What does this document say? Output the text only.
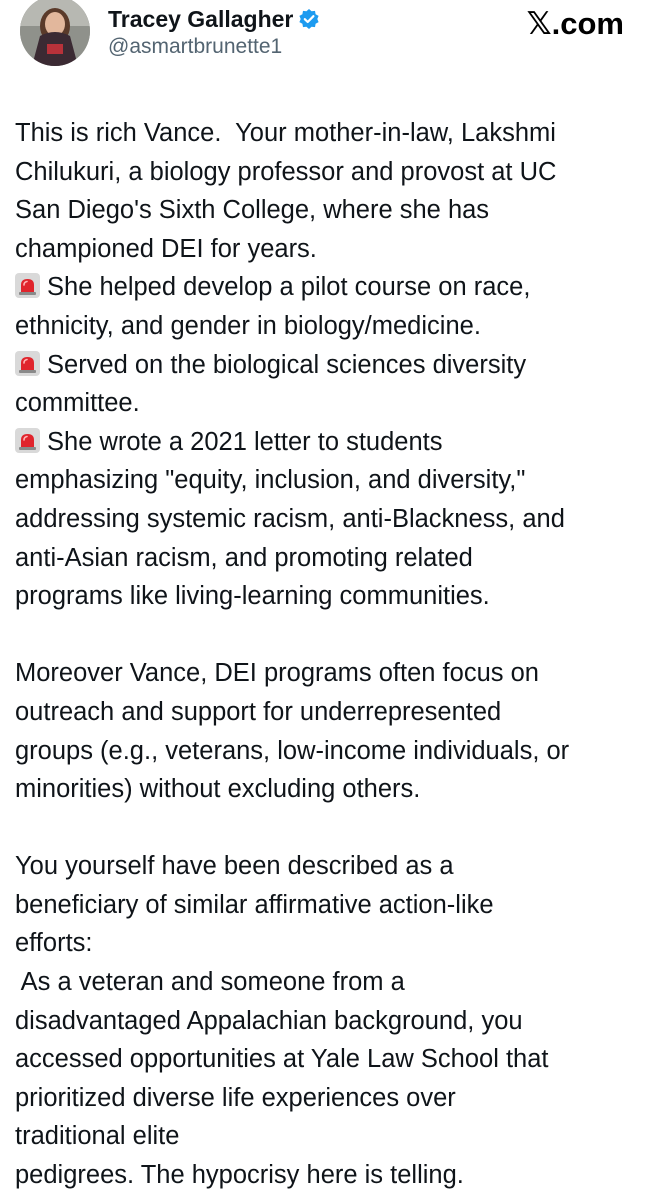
Tracey Gallagher
@asmartbrunette1
𝕏.com
This is rich Vance.  Your mother-in-law, Lakshmi
Chilukuri, a biology professor and provost at UC
San Diego's Sixth College, where she has
championed DEI for years.
She helped develop a pilot course on race,
ethnicity, and gender in biology/medicine.
Served on the biological sciences diversity
committee.
She wrote a 2021 letter to students
emphasizing "equity, inclusion, and diversity,"
addressing systemic racism, anti-Blackness, and
anti-Asian racism, and promoting related
programs like living-learning communities.
Moreover Vance, DEI programs often focus on
outreach and support for underrepresented
groups (e.g., veterans, low-income individuals, or
minorities) without excluding others.
You yourself have been described as a
beneficiary of similar affirmative action-like
efforts:
As a veteran and someone from a
disadvantaged Appalachian background, you
accessed opportunities at Yale Law School that
prioritized diverse life experiences over
traditional elite
pedigrees. The hypocrisy here is telling.
